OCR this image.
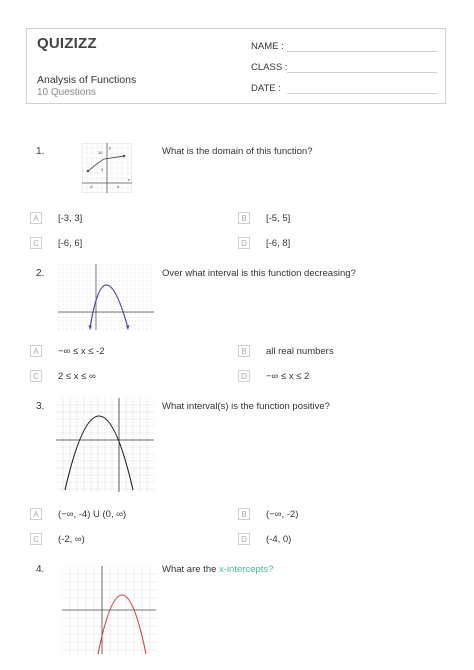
QUIZIZZ
Analysis of Functions
10 Questions
NAME :
CLASS :
DATE :
1.	What is the domain of this function?
y
x
10
4
-4	4
A	[-3, 3]	B	[-5, 5]
C	[-6, 6]	D	[-6, 8]
2.	Over what interval is this function decreasing?
A	−∞ ≤ x ≤ -2	B	all real numbers
C	2 ≤ x ≤ ∞	D	−∞ ≤ x ≤ 2
3.	What interval(s) is the function positive?
A	(−∞, -4) U (0, ∞)	B	(−∞, -2)
C	(-2, ∞)	D	(-4, 0)
4.	What are the x-intercepts?
